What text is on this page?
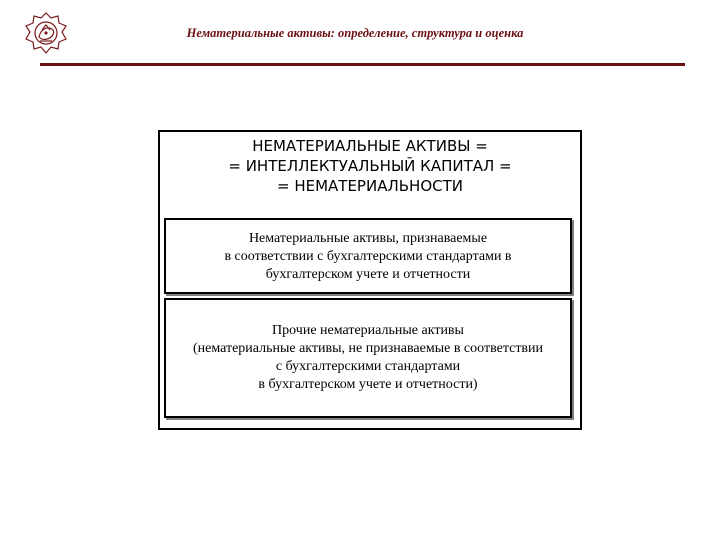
Нематериальные активы: определение, структура и оценка
НЕМАТЕРИАЛЬНЫЕ АКТИВЫ =
= ИНТЕЛЛЕКТУАЛЬНЫЙ КАПИТАЛ =
= НЕМАТЕРИАЛЬНОСТИ
Нематериальные активы, признаваемые
в соответствии с бухгалтерскими стандартами в
бухгалтерском учете и отчетности
Прочие нематериальные активы
(нематериальные активы, не признаваемые в соответствии
с бухгалтерскими стандартами
в бухгалтерском учете и отчетности)
